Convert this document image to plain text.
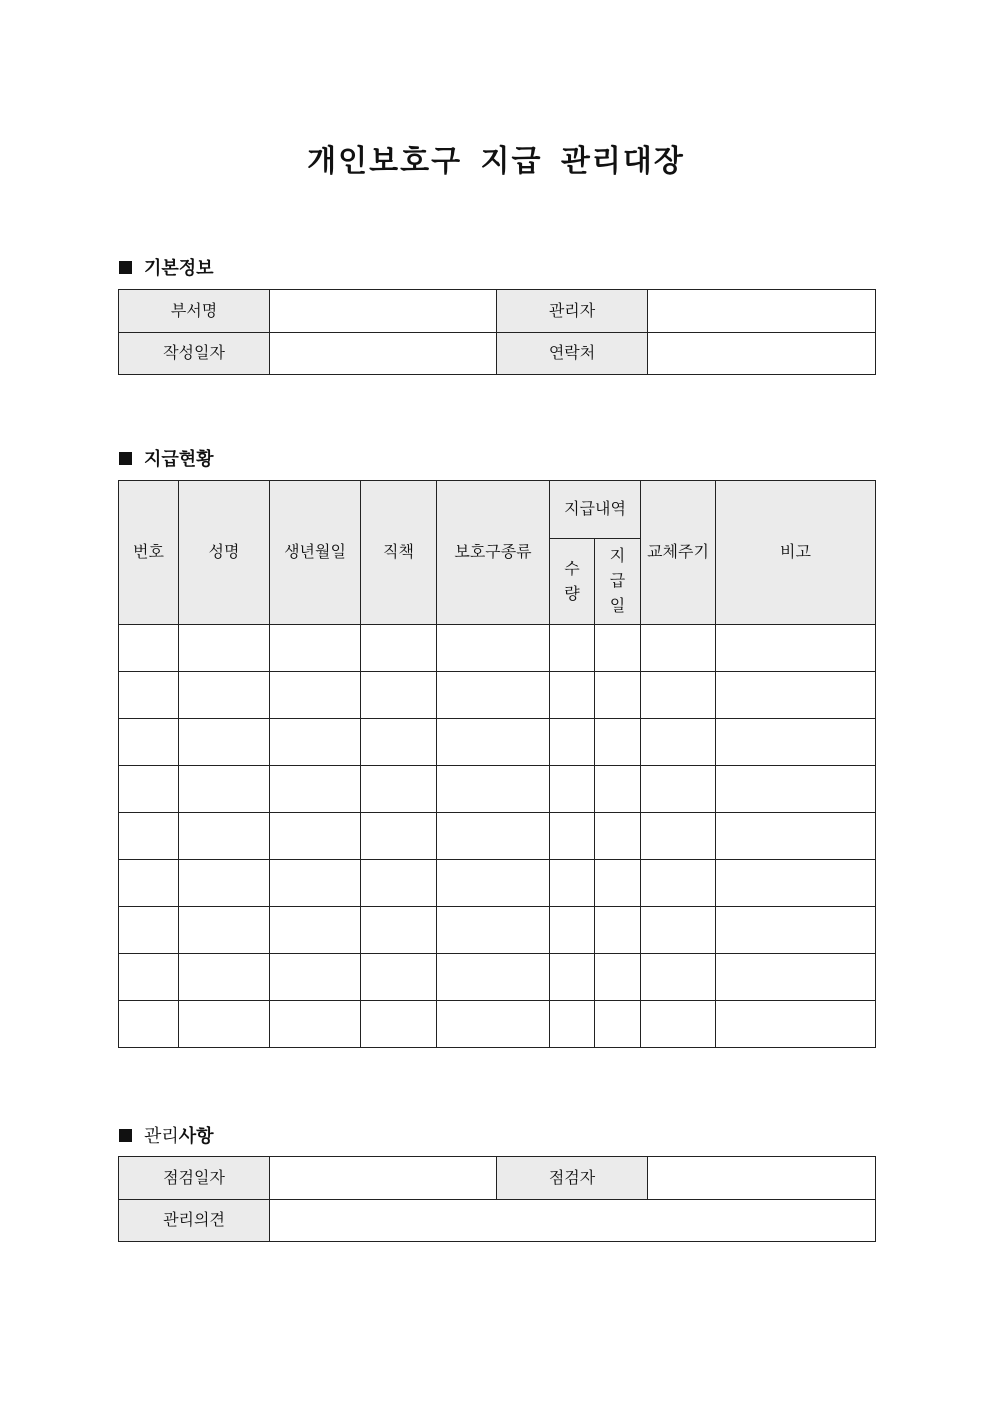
개인보호구 지급 관리대장
기본정보
부서명		관리자	
작성일자		연락처	
지급현황
번호	성명	생년월일	직책	보호구종류	지급내역		교체주기	비고
					수량	지급일		

관리 사항
점검일자		점검자	
관리의견			
